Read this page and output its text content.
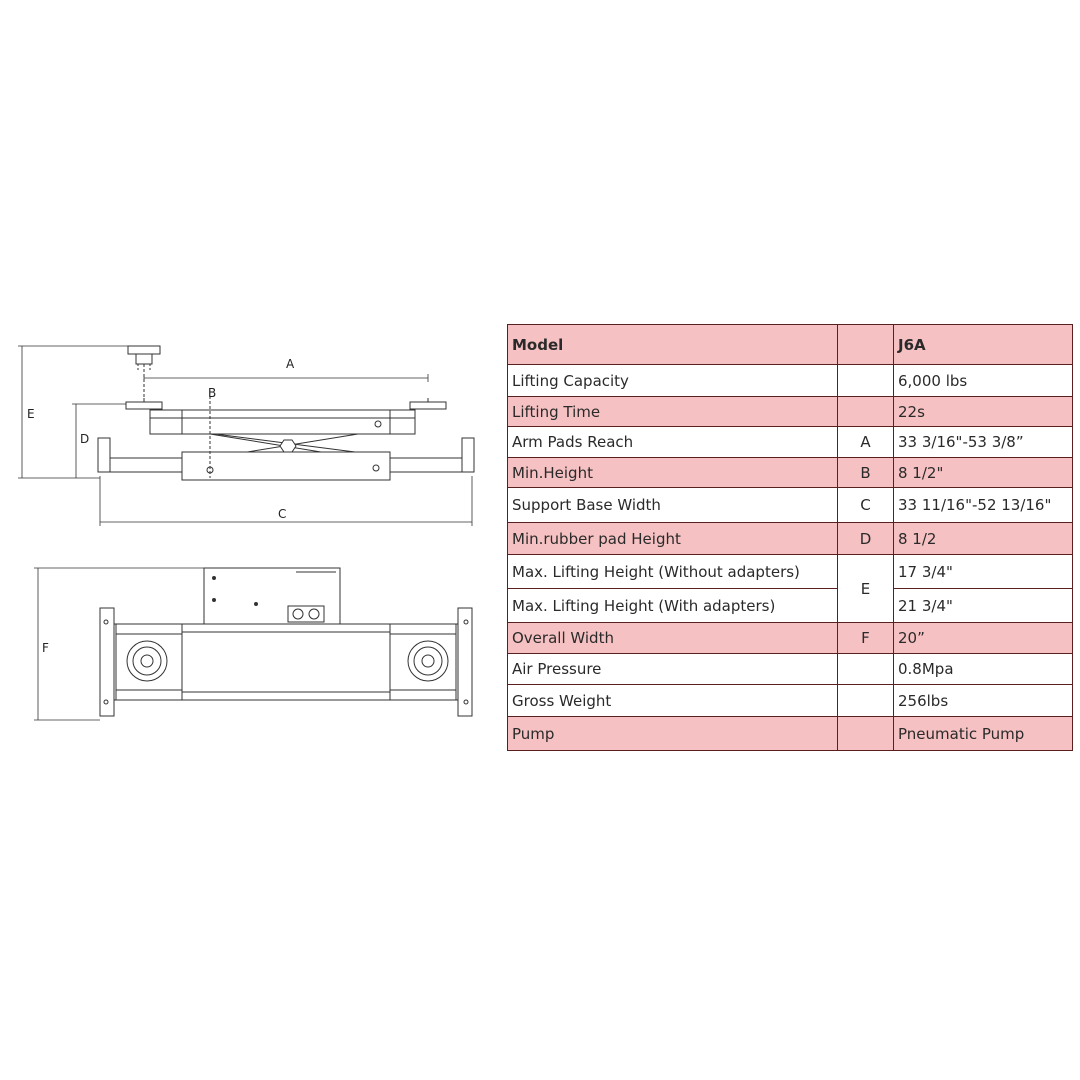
A
B
C
D
E
F
Model		J6A
Lifting Capacity		6,000 lbs
Lifting Time		22s
Arm Pads Reach	A	33 3/16"-53 3/8”
Min.Height	B	8 1/2"
Support Base Width	C	33 11/16"-52 13/16"
Min.rubber pad Height	D	8 1/2
Max. Lifting Height (Without adapters)	E	17 3/4"
Max. Lifting Height (With adapters)		21 3/4"
Overall Width	F	20”
Air Pressure		0.8Mpa
Gross Weight		256lbs
Pump		Pneumatic Pump
